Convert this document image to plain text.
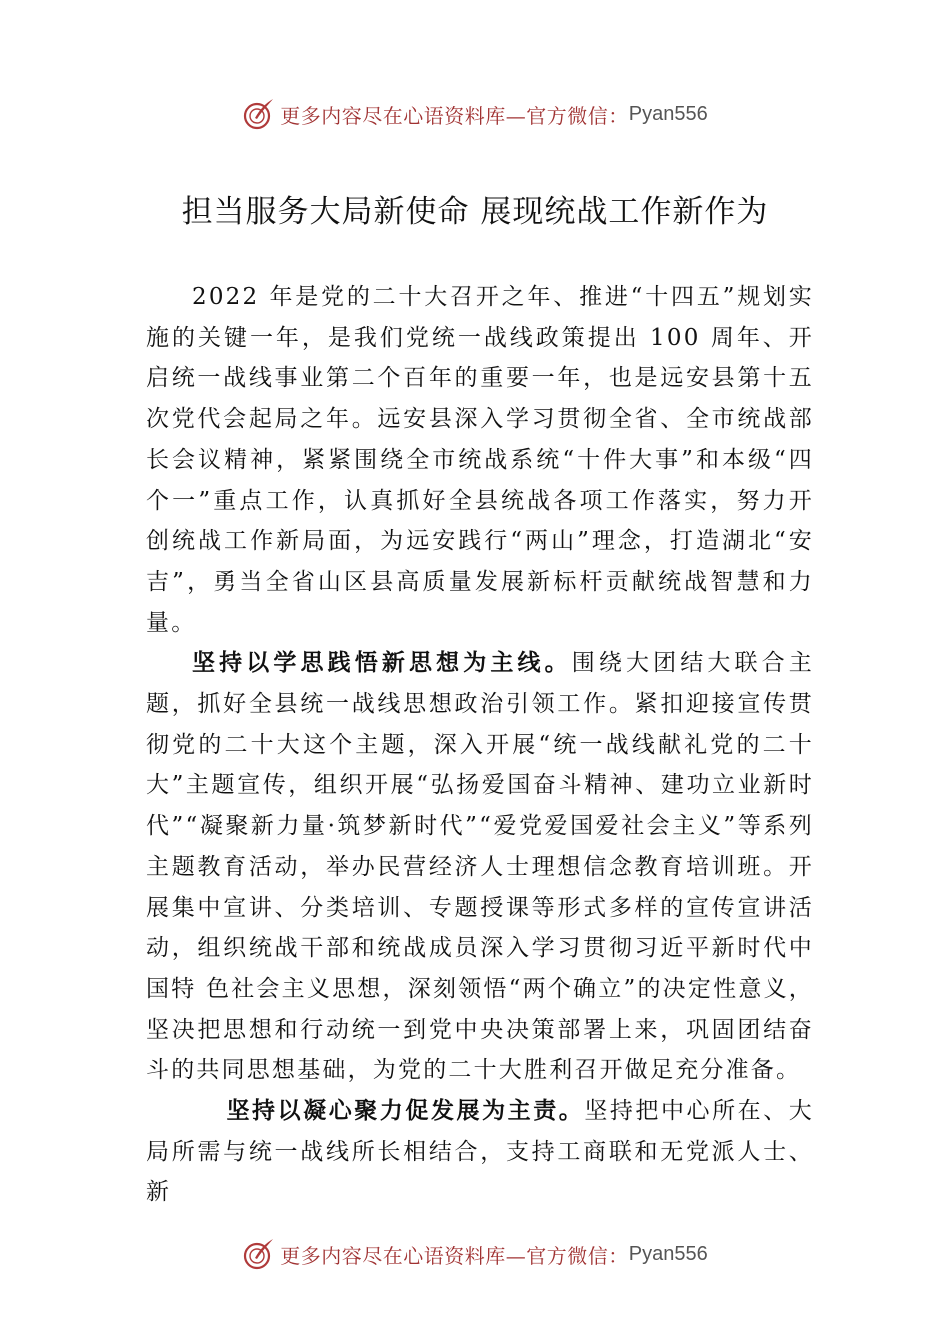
更多内容尽在心语资料库—官方微信： Pyan556
担当服务大局新使命 展现统战工作新作为

2022 年是党的二十大召开之年、推进“十四五”规划实施的关键一年，是我们党统一战线政策提出 100 周年、开启统一战线事业第二个百年的重要一年，也是远安县第十五次党代会起局之年。远安县深入学习贯彻全省、全市统战部长会议精神，紧紧围绕全市统战系统“十件大事”和本级“四个一”重点工作，认真抓好全县统战各项工作落实，努力开创统战工作新局面，为远安践行“两山”理念，打造湖北“安吉”，勇当全省山区县高质量发展新标杆贡献统战智慧和力量。

坚持以学思践悟新思想为主线。围绕大团结大联合主题，抓好全县统一战线思想政治引领工作。紧扣迎接宣传贯彻党的二十大这个主题，深入开展“统一战线献礼党的二十大”主题宣传，组织开展“弘扬爱国奋斗精神、建功立业新时代”“凝聚新力量·筑梦新时代”“爱党爱国爱社会主义”等系列主题教育活动，举办民营经济人士理想信念教育培训班。开展集中宣讲、分类培训、专题授课等形式多样的宣传宣讲活动，组织统战干部和统战成员深入学习贯彻习近平新时代中国特 色社会主义思想，深刻领悟“两个确立”的决定性意义，坚决把思想和行动统一到党中央决策部署上来，巩固团结奋斗的共同思想基础，为党的二十大胜利召开做足充分准备。

坚持以凝心聚力促发展为主责。坚持把中心所在、大局所需与统一战线所长相结合，支持工商联和无党派人士、新

更多内容尽在心语资料库—官方微信： Pyan556
